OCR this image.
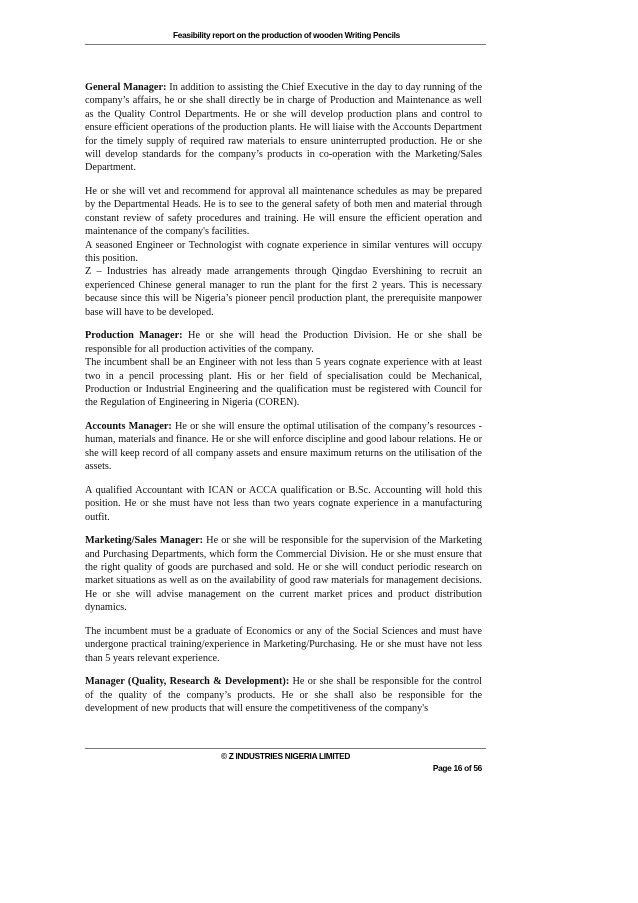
Feasibility report on the production of wooden Writing Pencils

General Manager: In addition to assisting the Chief Executive in the day to day running of the company’s affairs, he or she shall directly be in charge of Production and Maintenance as well as the Quality Control Departments. He or she will develop production plans and control to ensure efficient operations of the production plants. He will liaise with the Accounts Department for the timely supply of required raw materials to ensure uninterrupted production. He or she will develop standards for the company’s products in co-operation with the Marketing/Sales Department.

He or she will vet and recommend for approval all maintenance schedules as may be prepared by the Departmental Heads. He is to see to the general safety of both men and material through constant review of safety procedures and training. He will ensure the efficient operation and maintenance of the company's facilities.

A seasoned Engineer or Technologist with cognate experience in similar ventures will occupy this position.

Z – Industries has already made arrangements through Qingdao Evershining to recruit an experienced Chinese general manager to run the plant for the first 2 years. This is necessary because since this will be Nigeria’s pioneer pencil production plant, the prerequisite manpower base will have to be developed.

Production Manager: He or she will head the Production Division. He or she shall be responsible for all production activities of the company.

The incumbent shall be an Engineer with not less than 5 years cognate experience with at least two in a pencil processing plant. His or her field of specialisation could be Mechanical, Production or Industrial Engineering and the qualification must be registered with Council for the Regulation of Engineering in Nigeria (COREN).

Accounts Manager: He or she will ensure the optimal utilisation of the company’s resources - human, materials and finance. He or she will enforce discipline and good labour relations. He or she will keep record of all company assets and ensure maximum returns on the utilisation of the assets.

A qualified Accountant with ICAN or ACCA qualification or B.Sc. Accounting will hold this position. He or she must have not less than two years cognate experience in a manufacturing outfit.

Marketing/Sales Manager: He or she will be responsible for the supervision of the Marketing and Purchasing Departments, which form the Commercial Division. He or she must ensure that the right quality of goods are purchased and sold. He or she will conduct periodic research on market situations as well as on the availability of good raw materials for management decisions. He or she will advise management on the current market prices and product distribution dynamics.

The incumbent must be a graduate of Economics or any of the Social Sciences and must have undergone practical training/experience in Marketing/Purchasing. He or she must have not less than 5 years relevant experience.

Manager (Quality, Research & Development): He or she shall be responsible for the control of the quality of the company’s products. He or she shall also be responsible for the development of new products that will ensure the competitiveness of the company's

© Z INDUSTRIES NIGERIA LIMITED
Page 16 of 56
